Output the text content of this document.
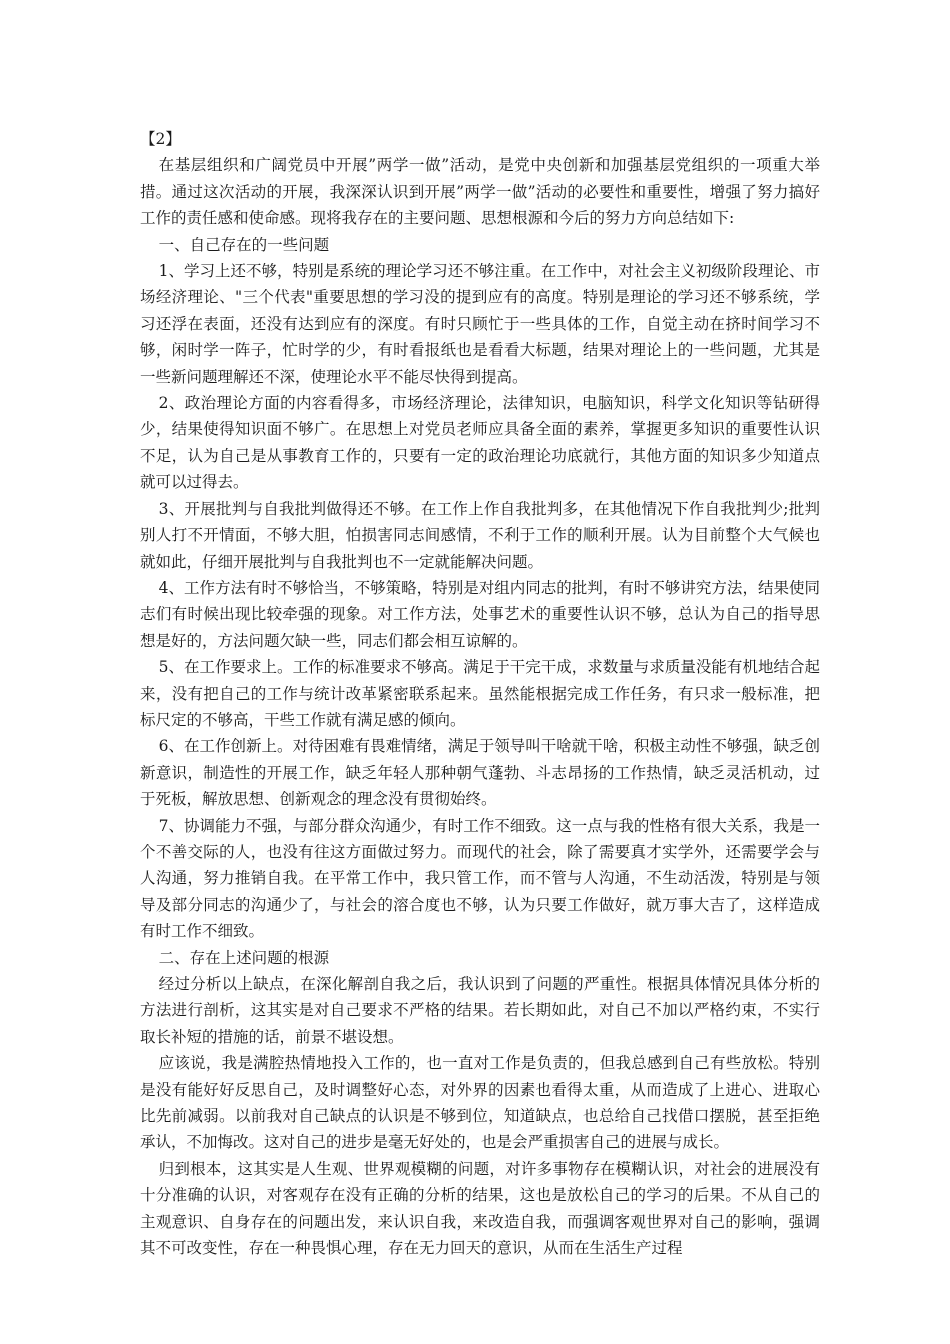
【2】

在基层组织和广阔党员中开展”两学一做”活动，是党中央创新和加强基层党组织的一项重大举措。通过这次活动的开展，我深深认识到开展”两学一做”活动的必要性和重要性，增强了努力搞好工作的责任感和使命感。现将我存在的主要问题、思想根源和今后的努力方向总结如下:

一、自己存在的一些问题

1、学习上还不够，特别是系统的理论学习还不够注重。在工作中，对社会主义初级阶段理论、市场经济理论、"三个代表"重要思想的学习没的提到应有的高度。特别是理论的学习还不够系统，学习还浮在表面，还没有达到应有的深度。有时只顾忙于一些具体的工作，自觉主动在挤时间学习不够，闲时学一阵子，忙时学的少，有时看报纸也是看看大标题，结果对理论上的一些问题，尤其是一些新问题理解还不深，使理论水平不能尽快得到提高。

2、政治理论方面的内容看得多，市场经济理论，法律知识，电脑知识，科学文化知识等钻研得少，结果使得知识面不够广。在思想上对党员老师应具备全面的素养，掌握更多知识的重要性认识不足，认为自己是从事教育工作的，只要有一定的政治理论功底就行，其他方面的知识多少知道点就可以过得去。

3、开展批判与自我批判做得还不够。在工作上作自我批判多，在其他情况下作自我批判少;批判别人打不开情面，不够大胆，怕损害同志间感情，不利于工作的顺利开展。认为目前整个大气候也就如此，仔细开展批判与自我批判也不一定就能解决问题。

4、工作方法有时不够恰当，不够策略，特别是对组内同志的批判，有时不够讲究方法，结果使同志们有时候出现比较牵强的现象。对工作方法，处事艺术的重要性认识不够，总认为自己的指导思想是好的，方法问题欠缺一些，同志们都会相互谅解的。

5、在工作要求上。工作的标准要求不够高。满足于干完干成，求数量与求质量没能有机地结合起来，没有把自己的工作与统计改革紧密联系起来。虽然能根据完成工作任务，有只求一般标准，把标尺定的不够高，干些工作就有满足感的倾向。

6、在工作创新上。对待困难有畏难情绪，满足于领导叫干啥就干啥，积极主动性不够强，缺乏创新意识，制造性的开展工作，缺乏年轻人那种朝气蓬勃、斗志昂扬的工作热情，缺乏灵活机动，过于死板，解放思想、创新观念的理念没有贯彻始终。

7、协调能力不强，与部分群众沟通少，有时工作不细致。这一点与我的性格有很大关系，我是一个不善交际的人，也没有往这方面做过努力。而现代的社会，除了需要真才实学外，还需要学会与人沟通，努力推销自我。在平常工作中，我只管工作，而不管与人沟通，不生动活泼，特别是与领导及部分同志的沟通少了，与社会的溶合度也不够，认为只要工作做好，就万事大吉了，这样造成有时工作不细致。

二、存在上述问题的根源

经过分析以上缺点，在深化解剖自我之后，我认识到了问题的严重性。根据具体情况具体分析的方法进行剖析，这其实是对自己要求不严格的结果。若长期如此，对自己不加以严格约束，不实行取长补短的措施的话，前景不堪设想。

应该说，我是满腔热情地投入工作的，也一直对工作是负责的，但我总感到自己有些放松。特别是没有能好好反思自己，及时调整好心态，对外界的因素也看得太重，从而造成了上进心、进取心比先前减弱。以前我对自己缺点的认识是不够到位，知道缺点，也总给自己找借口摆脱，甚至拒绝承认，不加悔改。这对自己的进步是毫无好处的，也是会严重损害自己的进展与成长。

归到根本，这其实是人生观、世界观模糊的问题，对许多事物存在模糊认识，对社会的进展没有十分准确的认识，对客观存在没有正确的分析的结果，这也是放松自己的学习的后果。不从自己的主观意识、自身存在的问题出发，来认识自我，来改造自我，而强调客观世界对自己的影响，强调其不可改变性，存在一种畏惧心理，存在无力回天的意识，从而在生活生产过程
